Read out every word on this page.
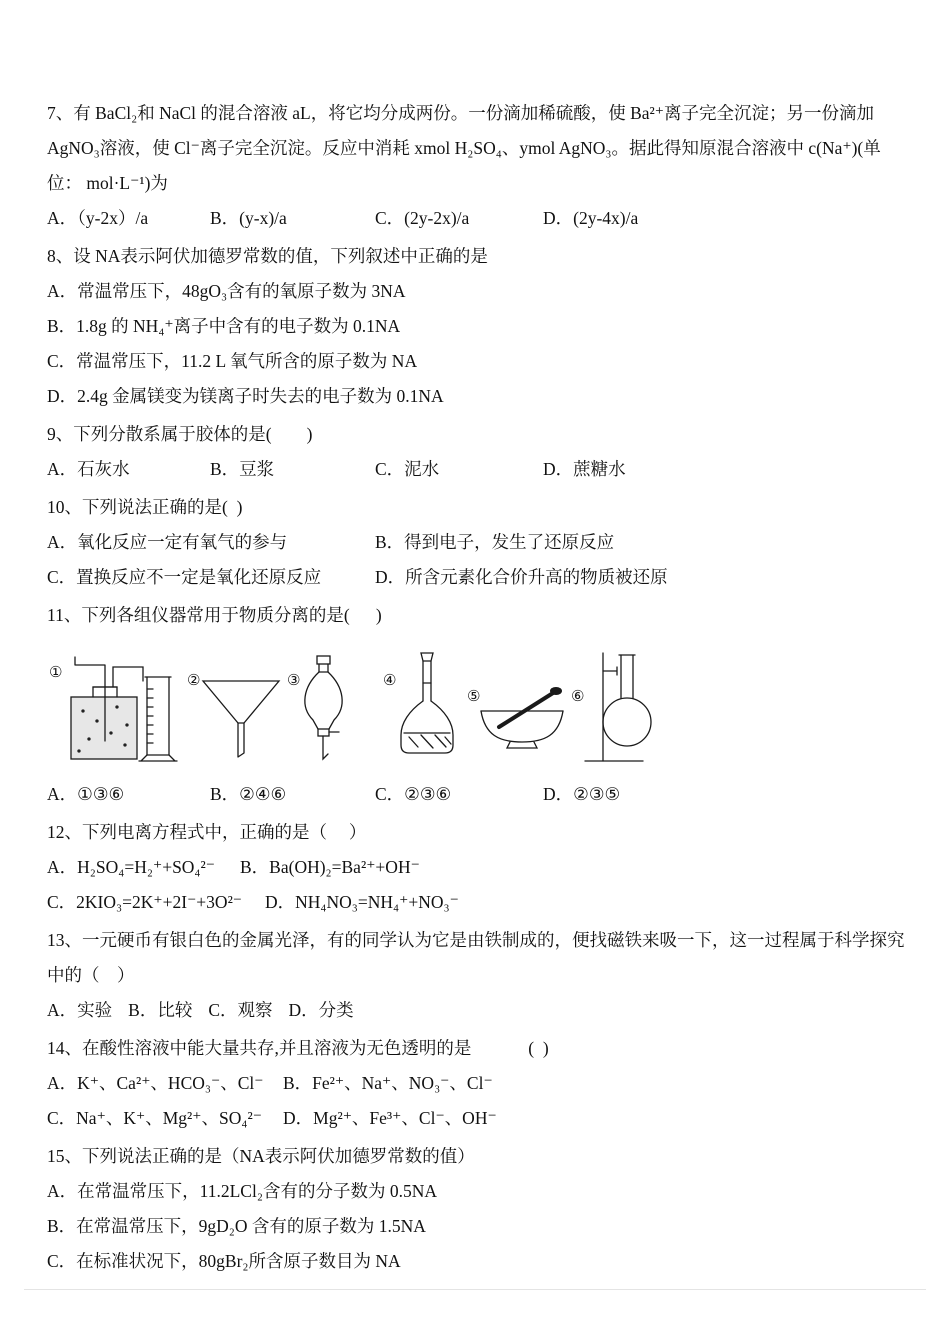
7、有 BaCl₂和 NaCl 的混合溶液 aL，将它均分成两份。一份滴加稀硫酸，使 Ba²⁺离子完全沉淀；另一份滴加 AgNO₃溶液，使 Cl⁻离子完全沉淀。反应中消耗 xmol H₂SO₄、ymol AgNO₃。据此得知原混合溶液中 c(Na⁺)(单位： mol·L⁻¹)为

A．（y-2x）/a	B．(y-x)/a	C．(2y-2x)/a	D．(2y-4x)/a

8、设 NA表示阿伏加德罗常数的值，下列叙述中正确的是

A．常温常压下，48gO₃含有的氧原子数为 3NA

B．1.8g 的 NH₄⁺离子中含有的电子数为 0.1NA

C．常温常压下，11.2 L 氧气所含的原子数为 NA

D．2.4g 金属镁变为镁离子时失去的电子数为 0.1NA

9、下列分散系属于胶体的是(　　)

A．石灰水	B．豆浆	C．泥水	D．蔗糖水

10、下列说法正确的是(  )

A．氧化反应一定有氧气的参与	B．得到电子，发生了还原反应
C．置换反应不一定是氧化还原反应	D．所含元素化合价升高的物质被还原

11、下列各组仪器常用于物质分离的是(      )

①	②	③	④
⑤	⑥
A．①③⑥	B．②④⑥	C．②③⑥	D．②③⑤

12、下列电离方程式中，正确的是（     ）

A．H₂SO₄=H₂⁺+SO₄²⁻	B．Ba(OH)₂=Ba²⁺+OH⁻
C．2KIO₃=2K⁺+2I⁻+3O²⁻	D．NH₄NO₃=NH₄⁺+NO₃⁻

13、一元硬币有银白色的金属光泽，有的同学认为它是由铁制成的，便找磁铁来吸一下，这一过程属于科学探究中的（    ）

A．实验 B．比较 C．观察 D．分类

14、在酸性溶液中能大量共存,并且溶液为无色透明的是             (  )

A．K⁺、Ca²⁺、HCO₃⁻、Cl⁻	B．Fe²⁺、Na⁺、NO₃⁻、Cl⁻
C．Na⁺、K⁺、Mg²⁺、SO₄²⁻	D．Mg²⁺、Fe³⁺、Cl⁻、OH⁻

15、下列说法正确的是（NA表示阿伏加德罗常数的值）

A．在常温常压下，11.2LCl₂含有的分子数为 0.5NA

B．在常温常压下，9gD₂O 含有的原子数为 1.5NA

C．在标准状况下，80gBr₂所含原子数目为 NA
